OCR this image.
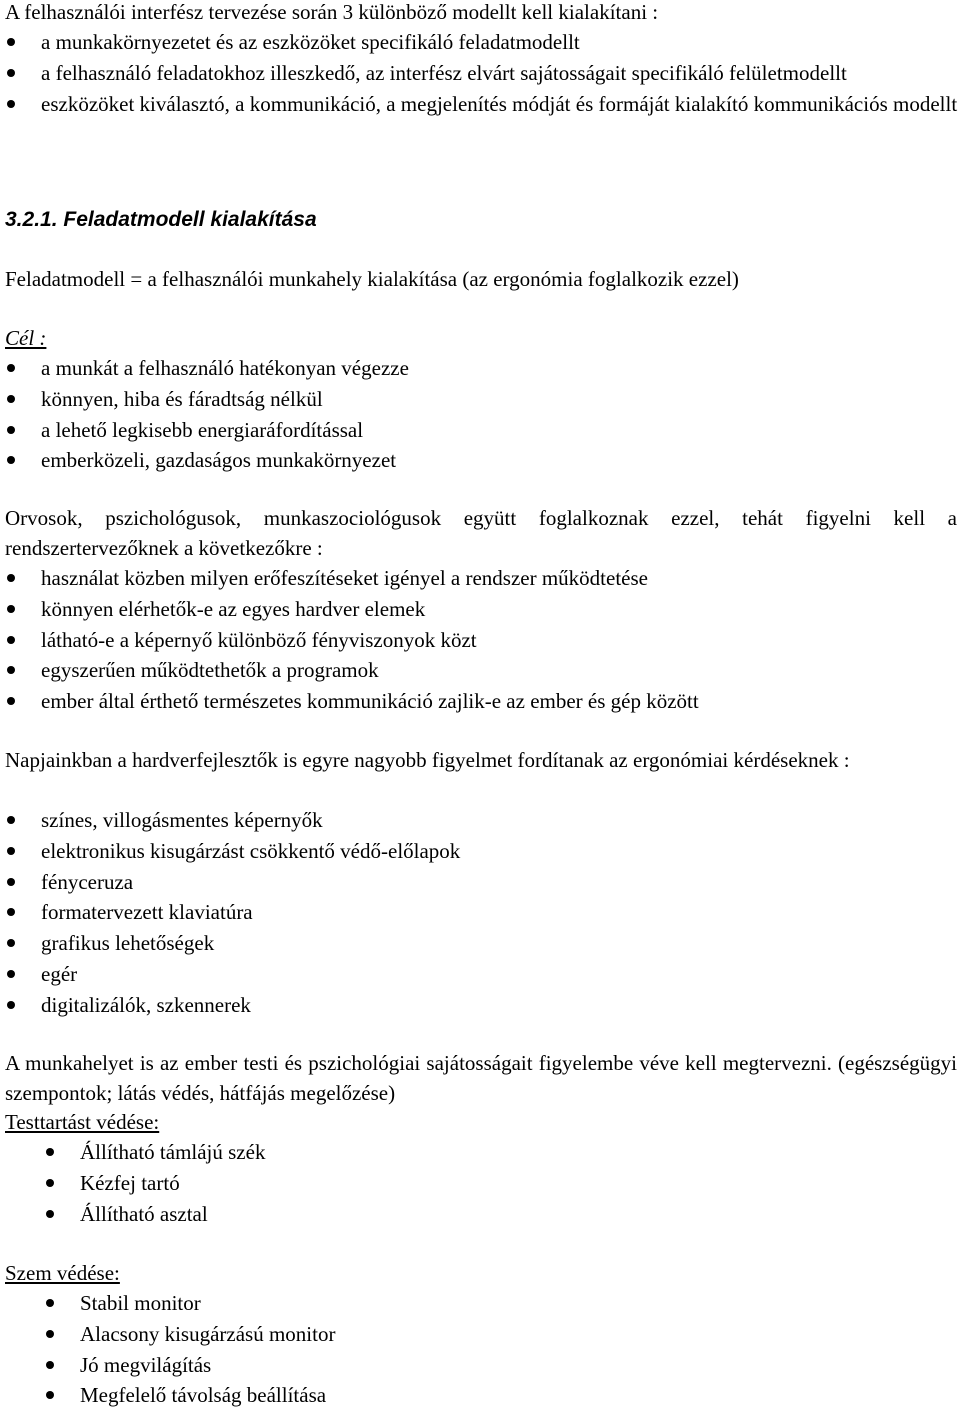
A felhasználói interfész tervezése során 3 különböző modellt kell kialakítani :

a munkakörnyezetet és az eszközöket specifikáló feladatmodellt
a felhasználó feladatokhoz illeszkedő, az interfész elvárt sajátosságait specifikáló felületmodellt
eszközöket kiválasztó, a kommunikáció, a megjelenítés módját és formáját kialakító kommunikációs modellt
3.2.1. Feladatmodell kialakítása

Feladatmodell = a felhasználói munkahely kialakítása (az ergonómia foglalkozik ezzel)

Cél :

a munkát a felhasználó hatékonyan végezze
könnyen, hiba és fáradtság nélkül
a lehető legkisebb energiaráfordítással
emberközeli, gazdaságos munkakörnyezet

Orvosok, pszichológusok, munkaszociológusok együtt foglalkoznak ezzel, tehát figyelni kell a rendszertervezőknek a következőkre :

használat közben milyen erőfeszítéseket igényel a rendszer működtetése
könnyen elérhetők-e az egyes hardver elemek
látható-e a képernyő különböző fényviszonyok közt
egyszerűen működtethetők a programok
ember által érthető természetes kommunikáció zajlik-e az ember és gép között

Napjainkban a hardverfejlesztők is egyre nagyobb figyelmet fordítanak az ergonómiai kérdéseknek :

színes, villogásmentes képernyők
elektronikus kisugárzást csökkentő védő-előlapok
fényceruza
formatervezett klaviatúra
grafikus lehetőségek
egér
digitalizálók, szkennerek

A munkahelyet is az ember testi és pszichológiai sajátosságait figyelembe véve kell megtervezni. (egészségügyi szempontok; látás védés, hátfájás megelőzése)

Testtartást védése:

Állítható támlájú szék
Kézfej tartó
Állítható asztal

Szem védése:

Stabil monitor
Alacsony kisugárzású monitor
Jó megvilágítás
Megfelelő távolság beállítása
